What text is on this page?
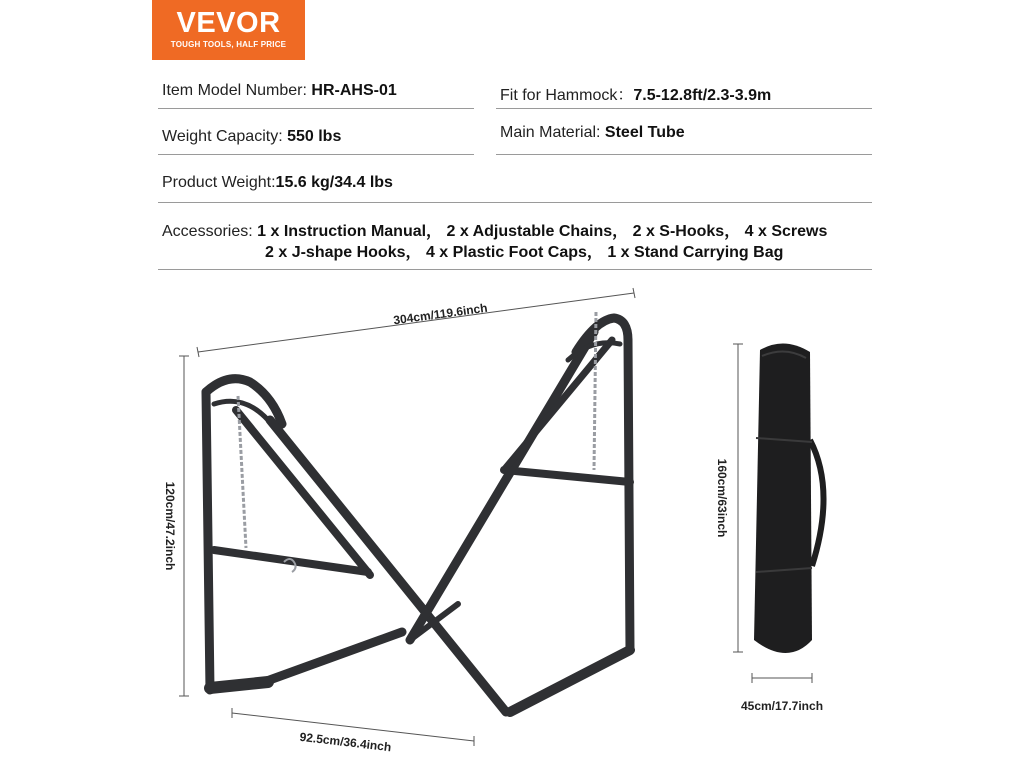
VEVOR
TOUGH TOOLS, HALF PRICE
Item Model Number: HR-AHS-01	Fit for Hammock：7.5-12.8ft/2.3-3.9m
Weight Capacity: 550 lbs	Main Material: Steel Tube
Product Weight:15.6 kg/34.4 lbs
Accessories: 1 x Instruction Manual， 2 x Adjustable Chains， 2 x S-Hooks， 4 x Screws
2 x J-shape Hooks， 4 x Plastic Foot Caps， 1 x Stand Carrying Bag
304cm/119.6inch
120cm/47.2inch
92.5cm/36.4inch
160cm/63inch
45cm/17.7inch
